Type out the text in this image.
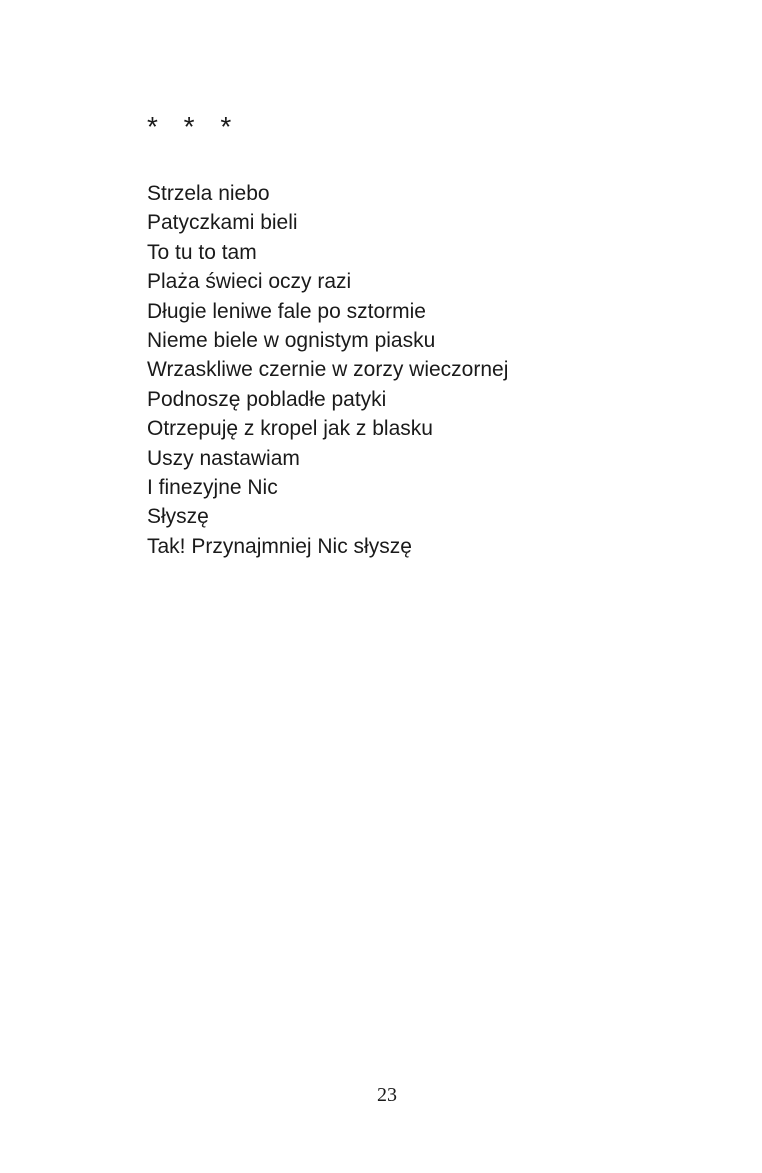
* * *
Strzela niebo
Patyczkami bieli
To tu to tam
Plaża świeci oczy razi
Długie leniwe fale po sztormie
Nieme biele w ognistym piasku
Wrzaskliwe czernie w zorzy wieczornej
Podnoszę pobladłe patyki
Otrzepuję z kropel jak z blasku
Uszy nastawiam
I finezyjne Nic
Słyszę
Tak! Przynajmniej Nic słyszę
23
